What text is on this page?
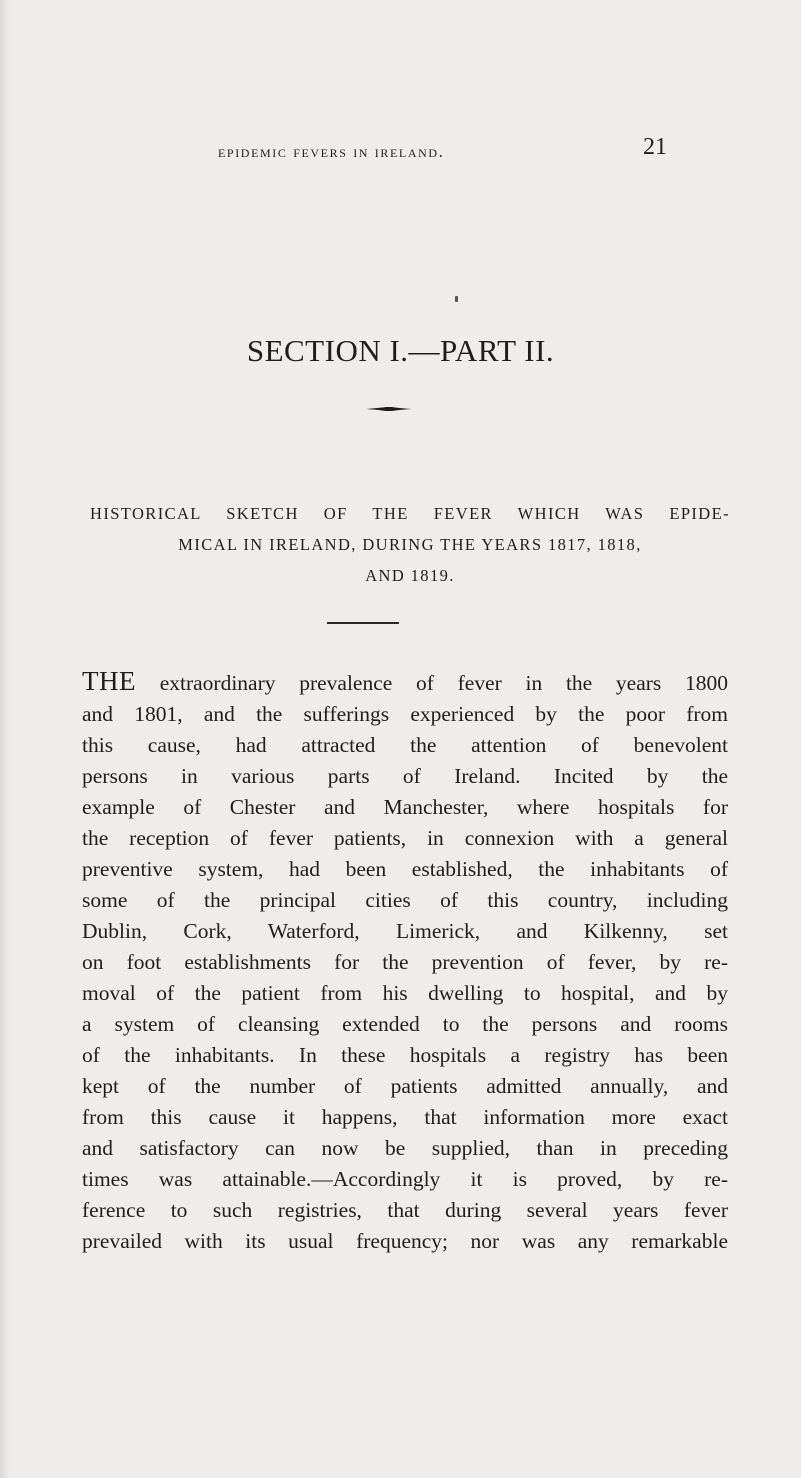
epidemic fevers in ireland.	21
SECTION I.—PART II.
HISTORICAL SKETCH OF THE FEVER WHICH WAS EPIDE-
MICAL IN IRELAND, DURING THE YEARS 1817, 1818,
AND 1819.
THE extraordinary prevalence of fever in the years 1800
and 1801, and the sufferings experienced by the poor from
this cause, had attracted the attention of benevolent
persons in various parts of Ireland. Incited by the
example of Chester and Manchester, where hospitals for
the reception of fever patients, in connexion with a general
preventive system, had been established, the inhabitants of
some of the principal cities of this country, including
Dublin, Cork, Waterford, Limerick, and Kilkenny, set
on foot establishments for the prevention of fever, by re-
moval of the patient from his dwelling to hospital, and by
a system of cleansing extended to the persons and rooms
of the inhabitants. In these hospitals a registry has been
kept of the number of patients admitted annually, and
from this cause it happens, that information more exact
and satisfactory can now be supplied, than in preceding
times was attainable.—Accordingly it is proved, by re-
ference to such registries, that during several years fever
prevailed with its usual frequency; nor was any remarkable
